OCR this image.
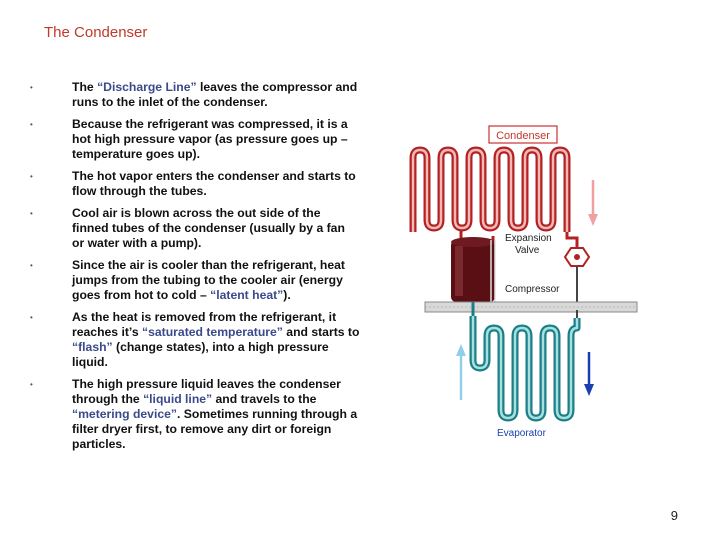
The Condenser
•	The “Discharge Line” leaves the compressor and runs to the inlet of the condenser.
•	Because the refrigerant was compressed, it is a hot high pressure vapor (as pressure goes up – temperature goes up).
•	The hot vapor enters the condenser and starts to flow through the tubes.
•	Cool air is blown across the out side of the finned tubes of the condenser (usually by a fan or water with a pump).
•	Since the air is cooler than the refrigerant, heat jumps from the tubing to the cooler air (energy goes from hot to cold – “latent heat”).
•	As the heat is removed from the refrigerant, it reaches it’s “saturated temperature” and starts to “flash” (change states), into a high pressure liquid.
•	The high pressure liquid leaves the condenser through the “liquid line” and travels to the “metering device”. Sometimes running through a filter dryer first, to remove any dirt or foreign particles.
Condenser
Expansion
Valve
Compressor
Evaporator
9
